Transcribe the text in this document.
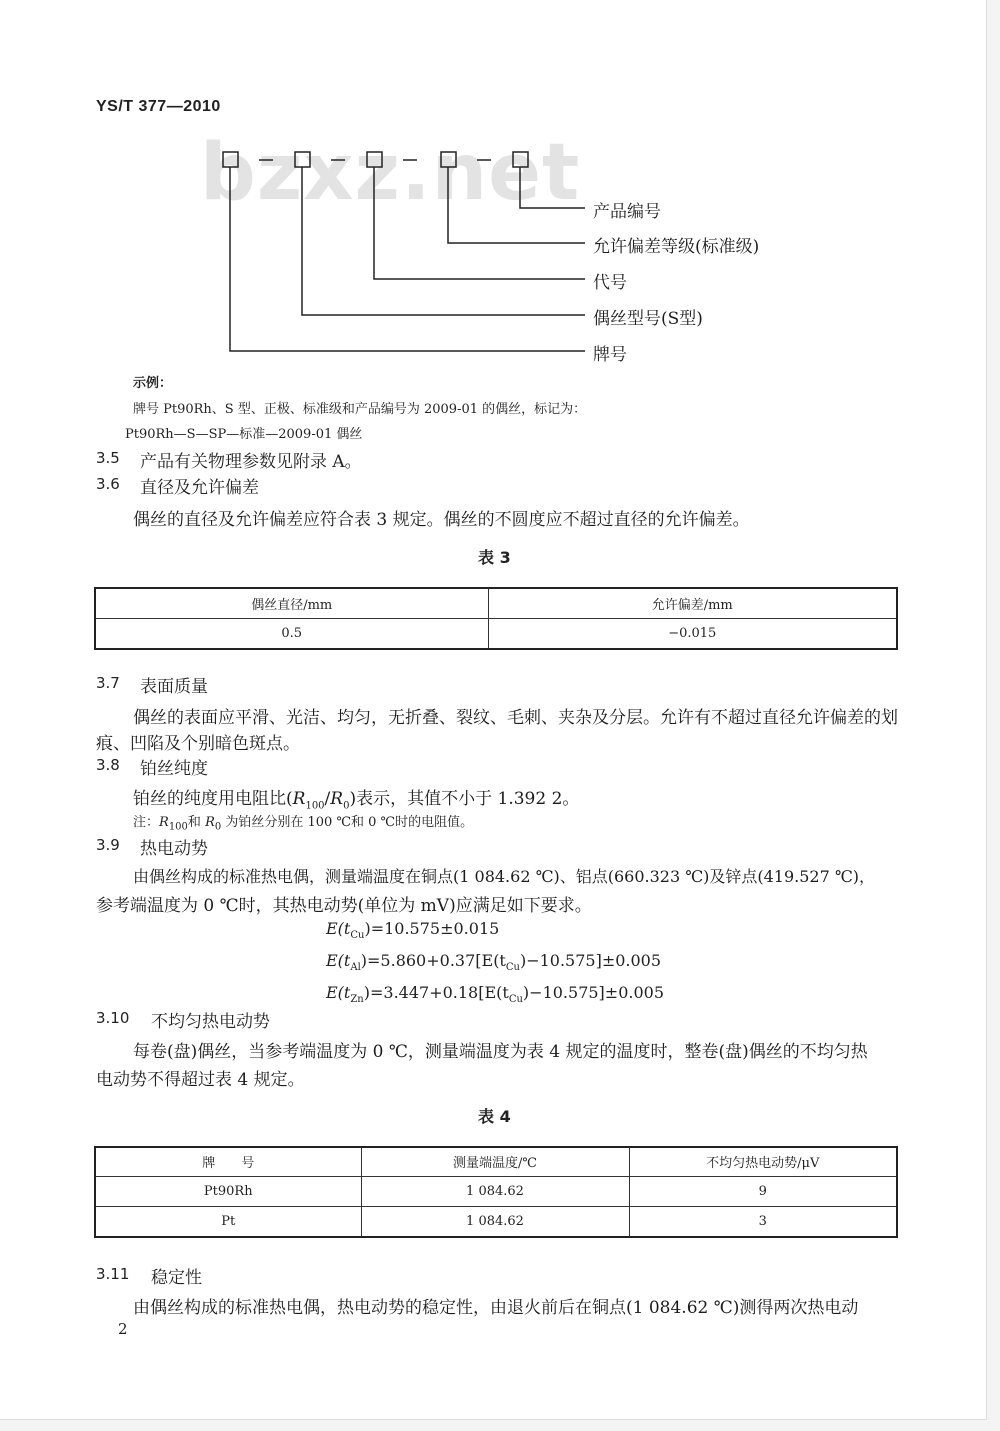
YS/T 377—2010
bzxz.net 产品编号
允许偏差等级(标准级)
代号
偶丝型号(S型)
牌号
示例：
牌号 Pt90Rh、S 型、正极、标准级和产品编号为 2009-01 的偶丝，标记为：
Pt90Rh—S—SP—标准—2009-01 偶丝
3.5 产品有关物理参数见附录 A。
3.6 直径及允许偏差
偶丝的直径及允许偏差应符合表 3 规定。偶丝的不圆度应不超过直径的允许偏差。
表 3
偶丝直径/mm	允许偏差/mm
0.5	−0.015
3.7 表面质量
偶丝的表面应平滑、光洁、均匀，无折叠、裂纹、毛刺、夹杂及分层。允许有不超过直径允许偏差的划
痕、凹陷及个别暗色斑点。
3.8 铂丝纯度
铂丝的纯度用电阻比$(R_{100}/R_0)$表示，其值不小于 1.392 2。
注：$R_{100}$和 $R_0$ 为铂丝分别在 100 ℃和 0 ℃时的电阻值。
3.9 热电动势
由偶丝构成的标准热电偶，测量端温度在铜点(1 084.62 ℃)、铝点(660.323 ℃)及锌点(419.527 ℃)，
参考端温度为 0 ℃时，其热电动势(单位为 mV)应满足如下要求。
$E(t_{Cu})=10.575\pm 0.015$
$E(t_{Al})=5.860+0.37[E(t_{Cu})-10.575]\pm 0.005$
$E(t_{Zn})=3.447+0.18[E(t_{Cu})-10.575]\pm 0.005$
3.10 不均匀热电动势
每卷(盘)偶丝，当参考端温度为 0 ℃，测量端温度为表 4 规定的温度时，整卷(盘)偶丝的不均匀热
电动势不得超过表 4 规定。
表 4
牌　　号	测量端温度/℃	不均匀热电动势/μV
Pt90Rh	1 084.62	9
Pt	1 084.62	3
3.11 稳定性
由偶丝构成的标准热电偶，热电动势的稳定性，由退火前后在铜点(1 084.62 ℃)测得两次热电动
2
